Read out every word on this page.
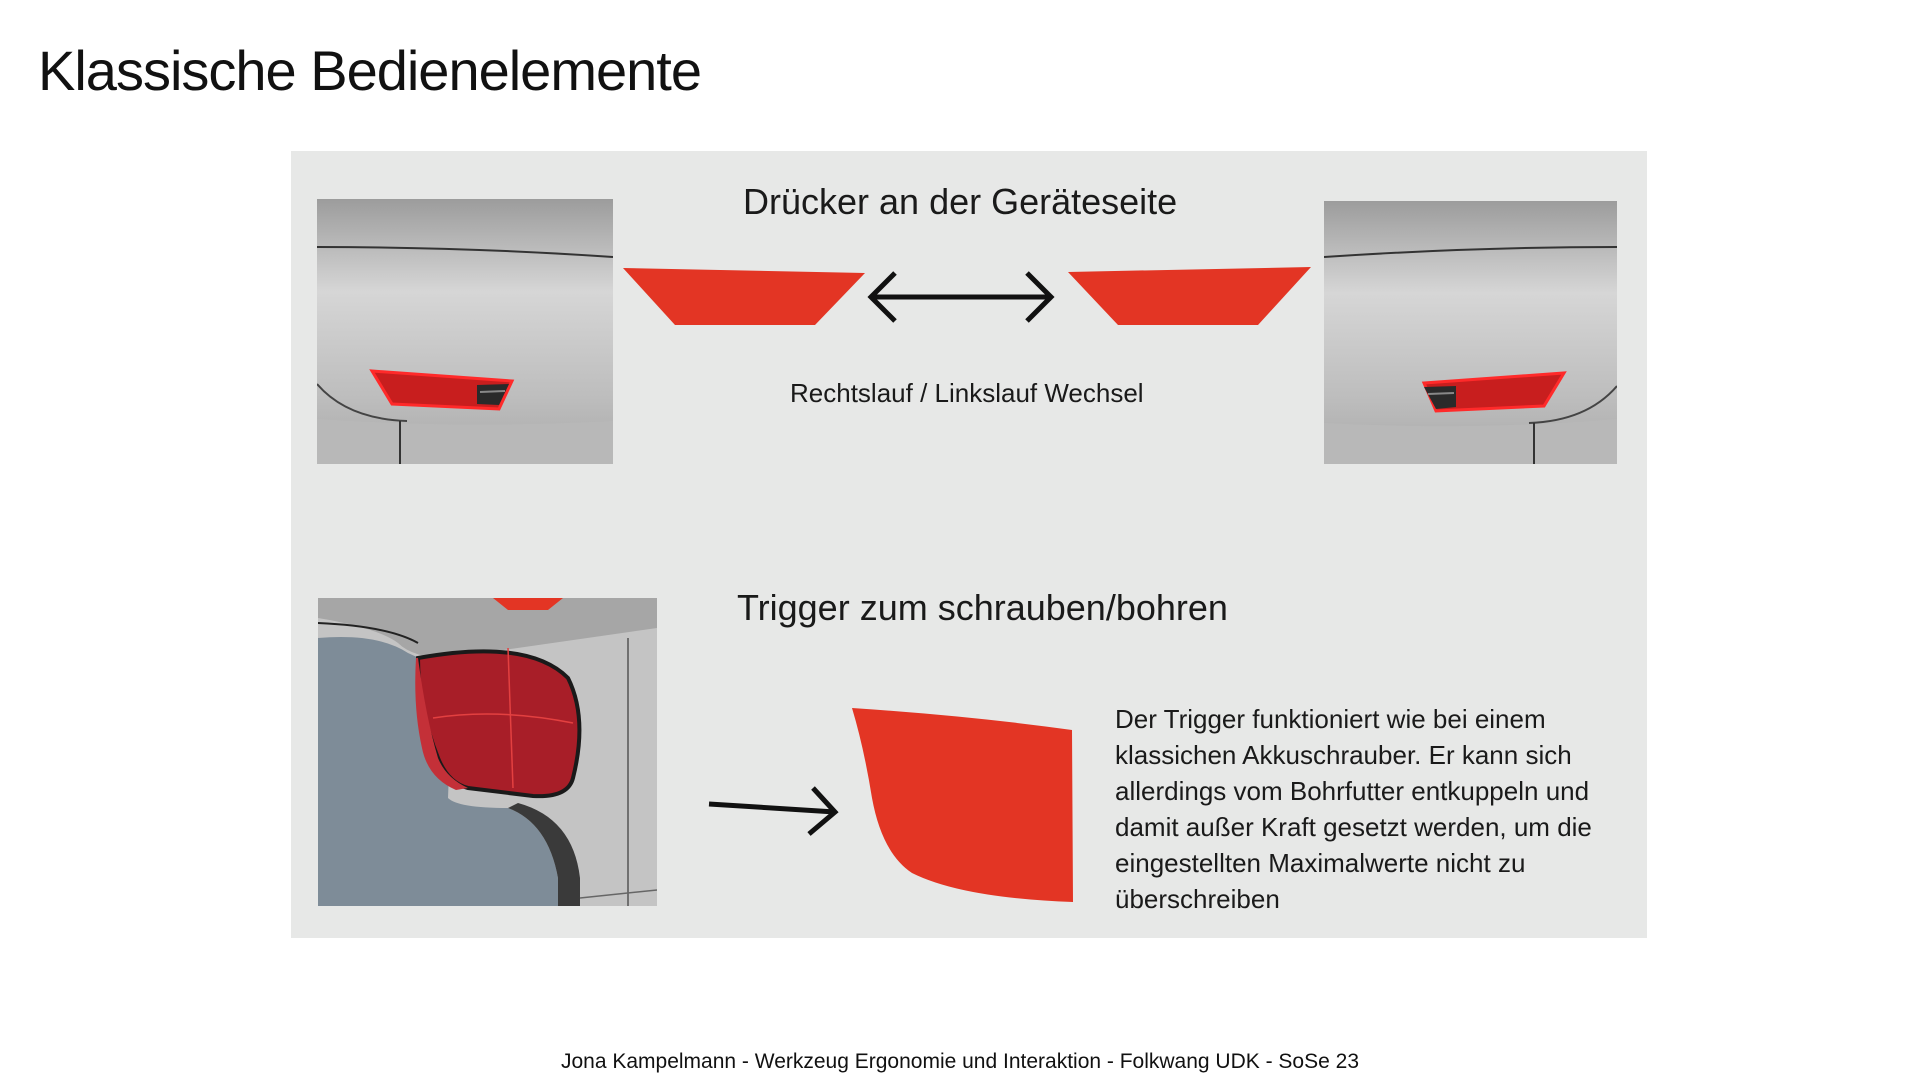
Klassische Bedienelemente
Drücker an der Geräteseite
Rechtslauf / Linkslauf Wechsel
Trigger zum schrauben/bohren
Der Trigger funktioniert wie bei einem
klassichen Akkuschrauber. Er kann sich
allerdings vom Bohrfutter entkuppeln und
damit außer Kraft gesetzt werden, um die
eingestellten Maximalwerte nicht zu
überschreiben
Jona Kampelmann - Werkzeug Ergonomie und Interaktion - Folkwang UDK - SoSe 23
